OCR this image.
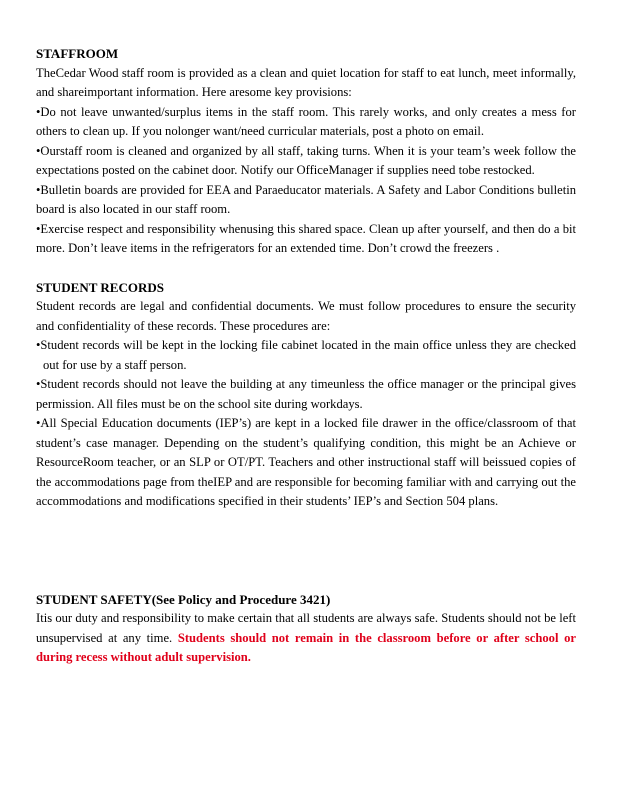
STAFFROOM

TheCedar Wood staff room is provided as a clean and quiet location for staff to eat lunch, meet informally, and shareimportant information. Here aresome key provisions:

•Do not leave unwanted/surplus items in the staff room. This rarely works, and only creates a mess for others to clean up. If you nolonger want/need curricular materials, post a photo on email.

•Ourstaff room is cleaned and organized by all staff, taking turns. When it is your team’s week follow the expectations posted on the cabinet door. Notify our OfficeManager if supplies need tobe restocked.

•Bulletin boards are provided for EEA and Paraeducator materials. A Safety and Labor Conditions bulletin board is also located in our staff room.

•Exercise respect and responsibility whenusing this shared space. Clean up after yourself, and then do a bit more. Don’t leave items in the refrigerators for an extended time. Don’t crowd the freezers .

STUDENT RECORDS

Student records are legal and confidential documents. We must follow procedures to ensure the security and confidentiality of these records. These procedures are:

•Student records will be kept in the locking file cabinet located in the main office unless they are checked out for use by a staff person.

•Student records should not leave the building at any timeunless the office manager or the principal gives permission. All files must be on the school site during workdays.

•All Special Education documents (IEP’s) are kept in a locked file drawer in the office/classroom of that student’s case manager. Depending on the student’s qualifying condition, this might be an Achieve or ResourceRoom teacher, or an SLP or OT/PT. Teachers and other instructional staff will beissued copies of the accommodations page from theIEP and are responsible for becoming familiar with and carrying out the accommodations and modifications specified in their students’ IEP’s and Section 504 plans.

STUDENT SAFETY(See Policy and Procedure 3421)

Itis our duty and responsibility to make certain that all students are always safe. Students should not be left unsupervised at any time. Students should not remain in the classroom before or after school or during recess without adult supervision.
